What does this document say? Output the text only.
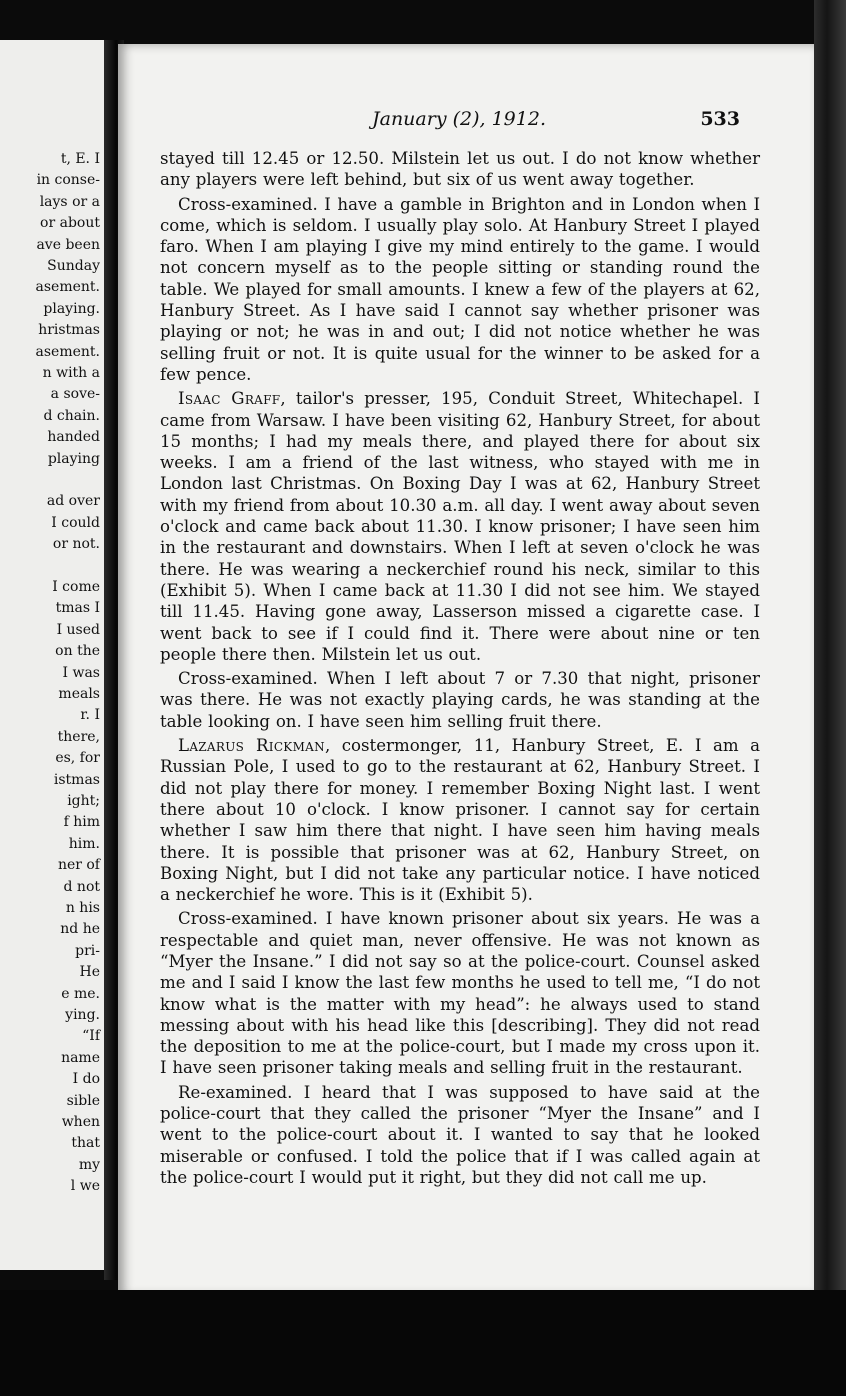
t, E. I
in conse-
lays or a
or about
ave been
Sunday
asement.
playing.
hristmas
asement.
n with a
a sove-
d chain.
handed
playing
ad over
I could
or not.
I come
tmas I
I used
on the
I was
meals
r. I
there,
es, for
istmas
ight;
f him
him.
ner of
d not
n his
nd he
pri-
He
e me.
ying.
“If
name
I do
sible
when
that
my
l we
January (2), 1912.	533

stayed till 12.45 or 12.50. Milstein let us out. I do not know whether any players were left behind, but six of us went away together.

Cross-examined. I have a gamble in Brighton and in London when I come, which is seldom. I usually play solo. At Hanbury Street I played faro. When I am playing I give my mind entirely to the game. I would not concern myself as to the people sitting or standing round the table. We played for small amounts. I knew a few of the players at 62, Hanbury Street. As I have said I cannot say whether prisoner was playing or not; he was in and out; I did not notice whether he was selling fruit or not. It is quite usual for the winner to be asked for a few pence.

Isaac Graff, tailor's presser, 195, Conduit Street, Whitechapel. I came from Warsaw. I have been visiting 62, Hanbury Street, for about 15 months; I had my meals there, and played there for about six weeks. I am a friend of the last witness, who stayed with me in London last Christmas. On Boxing Day I was at 62, Hanbury Street with my friend from about 10.30 a.m. all day. I went away about seven o'clock and came back about 11.30. I know prisoner; I have seen him in the restaurant and downstairs. When I left at seven o'clock he was there. He was wearing a neckerchief round his neck, similar to this (Exhibit 5). When I came back at 11.30 I did not see him. We stayed till 11.45. Having gone away, Lasserson missed a cigarette case. I went back to see if I could find it. There were about nine or ten people there then. Milstein let us out.

Cross-examined. When I left about 7 or 7.30 that night, prisoner was there. He was not exactly playing cards, he was standing at the table looking on. I have seen him selling fruit there.

Lazarus Rickman, costermonger, 11, Hanbury Street, E. I am a Russian Pole, I used to go to the restaurant at 62, Hanbury Street. I did not play there for money. I remember Boxing Night last. I went there about 10 o'clock. I know prisoner. I cannot say for certain whether I saw him there that night. I have seen him having meals there. It is possible that prisoner was at 62, Hanbury Street, on Boxing Night, but I did not take any particular notice. I have noticed a neckerchief he wore. This is it (Exhibit 5).

Cross-examined. I have known prisoner about six years. He was a respectable and quiet man, never offensive. He was not known as “Myer the Insane.” I did not say so at the police-court. Counsel asked me and I said I know the last few months he used to tell me, “I do not know what is the matter with my head”: he always used to stand messing about with his head like this [describing]. They did not read the deposition to me at the police-court, but I made my cross upon it. I have seen prisoner taking meals and selling fruit in the restaurant.

Re-examined. I heard that I was supposed to have said at the police-court that they called the prisoner “Myer the Insane” and I went to the police-court about it. I wanted to say that he looked miserable or confused. I told the police that if I was called again at the police-court I would put it right, but they did not call me up.
